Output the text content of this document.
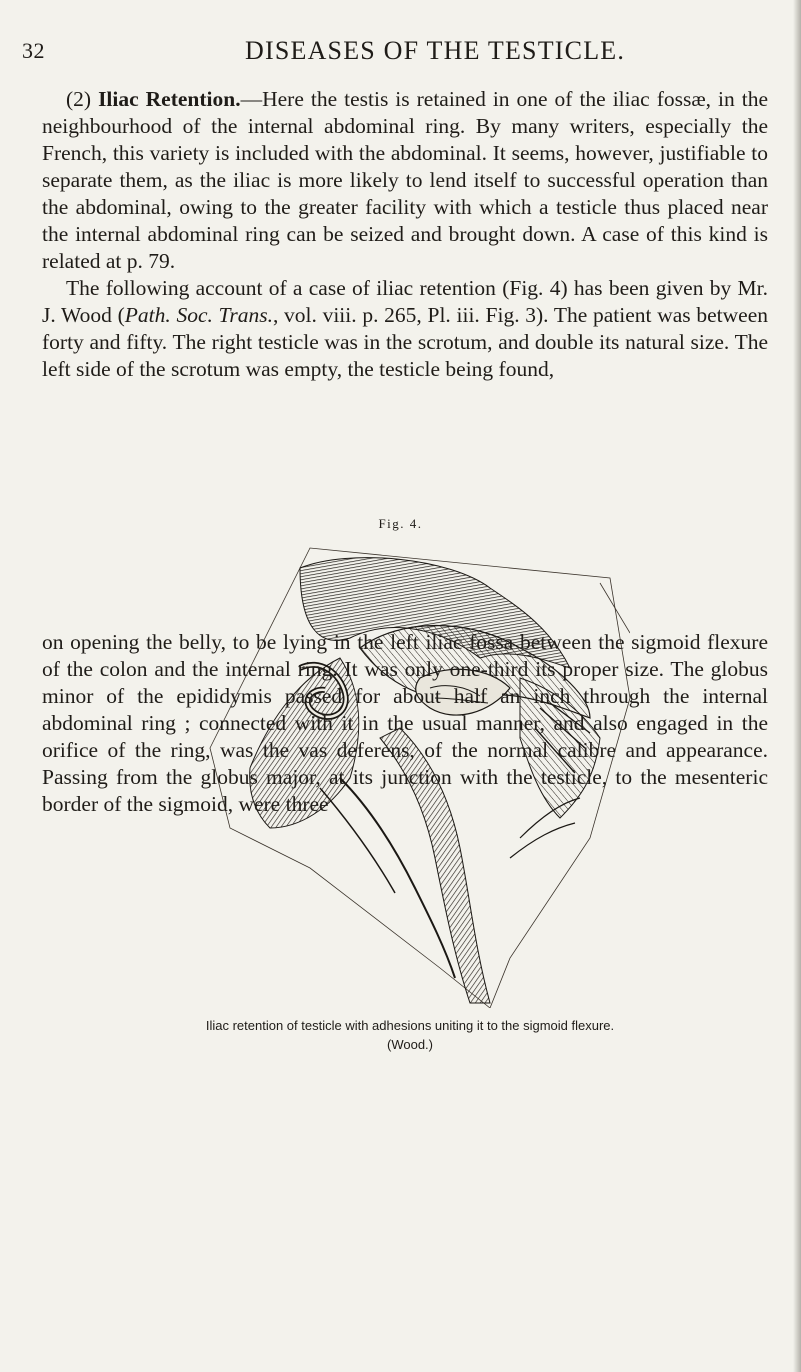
32	DISEASES OF THE TESTICLE.

(2) Iliac Retention.—Here the testis is retained in one of the iliac fossæ, in the neighbourhood of the internal abdominal ring. By many writers, especially the French, this variety is included with the abdominal. It seems, however, justifiable to separate them, as the iliac is more likely to lend itself to successful operation than the abdominal, owing to the greater facility with which a testicle thus placed near the internal abdominal ring can be seized and brought down. A case of this kind is related at p. 79.

The following account of a case of iliac retention (Fig. 4) has been given by Mr. J. Wood (Path. Soc. Trans., vol. viii. p. 265, Pl. iii. Fig. 3). The patient was between forty and fifty. The right testicle was in the scrotum, and double its natural size. The left side of the scrotum was empty, the testicle being found,

Fig. 4.
Iliac retention of testicle with adhesions uniting it to the sigmoid flexure.
(Wood.)

on opening the belly, to be lying in the left iliac fossa between the sigmoid flexure of the colon and the internal ring. It was only one-third its proper size. The globus minor of the epididymis passed for about half an inch through the internal abdominal ring ; connected with it in the usual manner, and also engaged in the orifice of the ring, was the vas deferens, of the normal calibre and appearance. Passing from the globus major, at its junction with the testicle, to the mesenteric border of the sigmoid, were three
